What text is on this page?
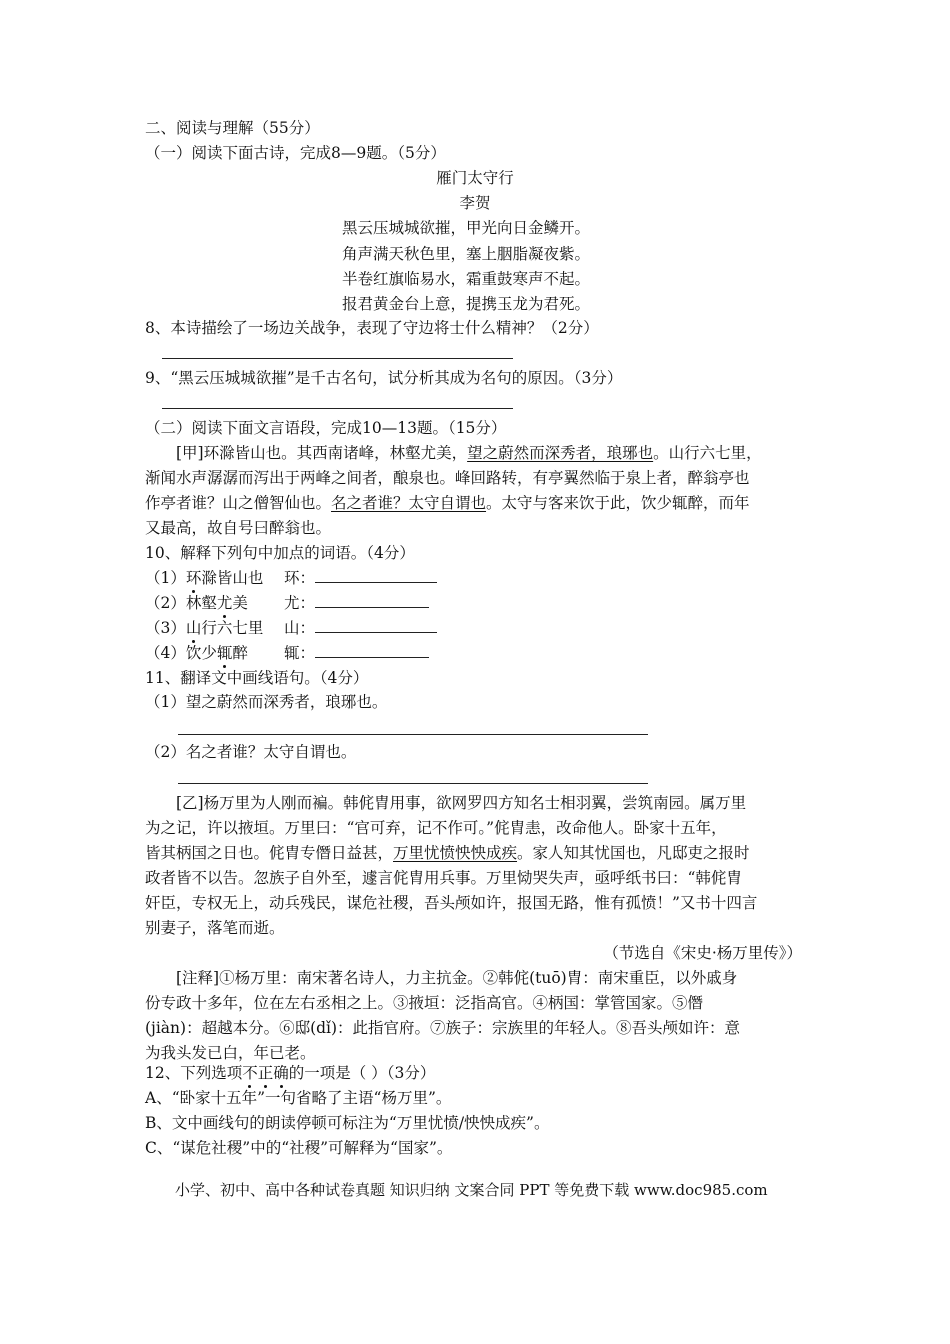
二、阅读与理解（55分）
（一）阅读下面古诗，完成8—9题。（5分）
雁门太守行
李贺
黑云压城城欲摧，甲光向日金鳞开。
角声满天秋色里，塞上胭脂凝夜紫。
半卷红旗临易水，霜重鼓寒声不起。
报君黄金台上意，提携玉龙为君死。
8、本诗描绘了一场边关战争，表现了守边将士什么精神？（2分）
9、“黑云压城城欲摧”是千古名句，试分析其成为名句的原因。（3分）
（二）阅读下面文言语段，完成10—13题。（15分）
[甲]环滁皆山也。其西南诸峰，林壑尤美，望之蔚然而深秀者，琅琊也。山行六七里，
渐闻水声潺潺而泻出于两峰之间者，酿泉也。峰回路转，有亭翼然临于泉上者，醉翁亭也
作亭者谁？山之僧智仙也。名之者谁？太守自谓也。太守与客来饮于此，饮少辄醉，而年
又最高，故自号曰醉翁也。
10、解释下列句中加点的词语。（4分）
（1）环滁皆山也 环：
（2）林壑尤美 尤：
（3）山行六七里 山：
（4）饮少辄醉 辄：
11、翻译文中画线语句。（4分）
（1）望之蔚然而深秀者，琅琊也。
（2）名之者谁？太守自谓也。
[乙]杨万里为人刚而褊。韩侂胄用事，欲网罗四方知名士相羽翼，尝筑南园。属万里
为之记，许以掖垣。万里曰：“官可弃，记不作可。”侂胄恚，改命他人。卧家十五年，
皆其柄国之日也。侂胄专僭日益甚，万里忧愤怏怏成疾。家人知其忧国也，凡邸吏之报时
政者皆不以告。忽族子自外至，遽言侂胄用兵事。万里恸哭失声，亟呼纸书曰：“韩侂胄
奸臣，专权无上，动兵残民，谋危社稷，吾头颅如许，报国无路，惟有孤愤！”又书十四言
别妻子，落笔而逝。
（节选自《宋史·杨万里传》）
[注释]①杨万里：南宋著名诗人，力主抗金。②韩侂(tuō)胄：南宋重臣，以外戚身
份专政十多年，位在左右丞相之上。③掖垣：泛指高官。④柄国：掌管国家。⑤僭
(jiàn)：超越本分。⑥邸(dǐ)：此指官府。⑦族子：宗族里的年轻人。⑧吾头颅如许：意
为我头发已白，年已老。
12、下列选项不正确的一项是（ ）（3分）
A、“卧家十五年”一句省略了主语“杨万里”。
B、文中画线句的朗读停顿可标注为“万里忧愤/怏怏成疾”。
C、“谋危社稷”中的“社稷”可解释为“国家”。
小学、初中、高中各种试卷真题 知识归纳 文案合同 PPT 等免费下载 www.doc985.com
